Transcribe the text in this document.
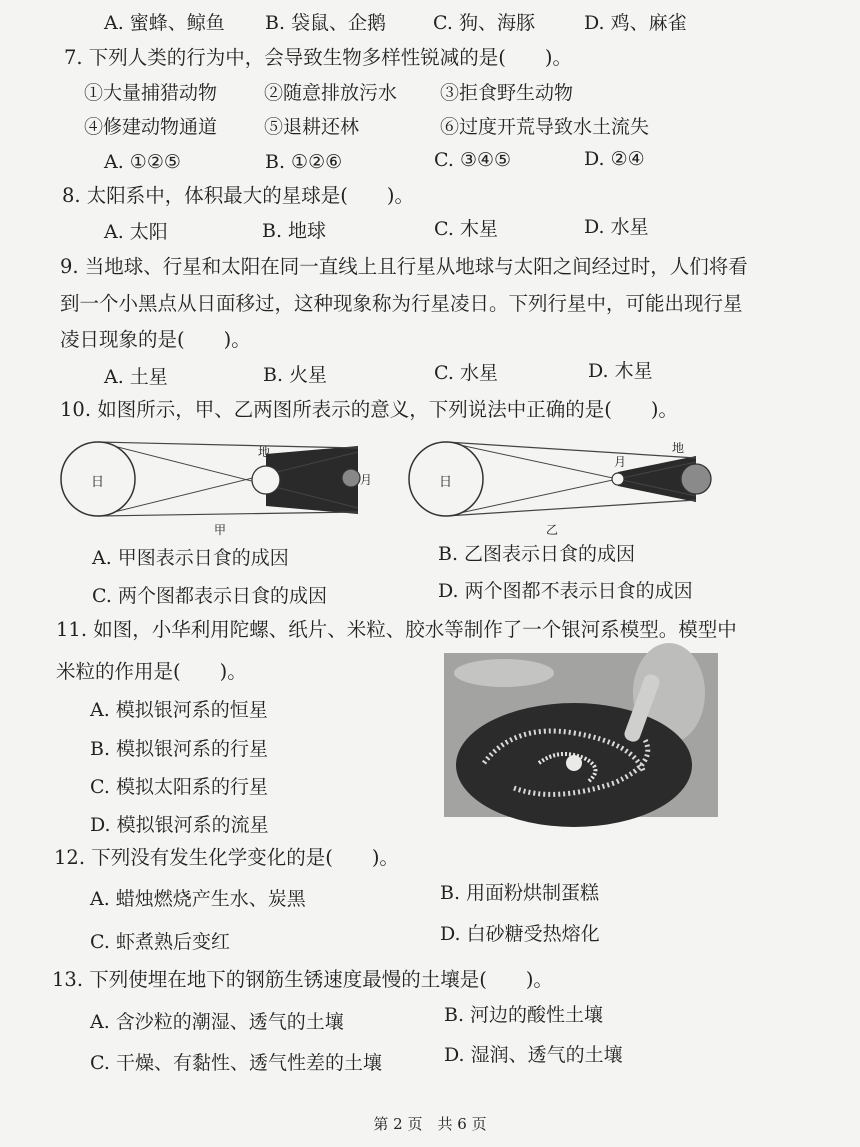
A. 蜜蜂、鲸鱼 B. 袋鼠、企鹅 C. 狗、海豚	D. 鸡、麻雀
7. 下列人类的行为中，会导致生物多样性锐减的是(　　)。
①大量捕猎动物 ②随意排放污水 ③拒食野生动物
④修建动物通道 ⑤退耕还林	⑥过度开荒导致水土流失
A. ①②⑤	B. ①②⑥	C. ③④⑤	D. ②④
8. 太阳系中，体积最大的星球是(　　)。
A. 太阳	B. 地球	C. 木星	D. 水星
9. 当地球、行星和太阳在同一直线上且行星从地球与太阳之间经过时，人们将看
到一个小黑点从日面移过，这种现象称为行星凌日。下列行星中，可能出现行星
凌日现象的是(　　)。
A. 土星	B. 火星	C. 水星	D. 木星
10. 如图所示，甲、乙两图所表示的意义，下列说法中正确的是(　　)。
日
地
月
甲
日
月
地
乙
A. 甲图表示日食的成因	B. 乙图表示日食的成因
C. 两个图都表示日食的成因	D. 两个图都不表示日食的成因
11. 如图，小华利用陀螺、纸片、米粒、胶水等制作了一个银河系模型。模型中
米粒的作用是(　　)。
A. 模拟银河系的恒星
B. 模拟银河系的行星
C. 模拟太阳系的行星
D. 模拟银河系的流星
12. 下列没有发生化学变化的是(　　)。
A. 蜡烛燃烧产生水、炭黑	B. 用面粉烘制蛋糕
C. 虾煮熟后变红	D. 白砂糖受热熔化
13. 下列使埋在地下的钢筋生锈速度最慢的土壤是(　　)。
A. 含沙粒的潮湿、透气的土壤	B. 河边的酸性土壤
C. 干燥、有黏性、透气性差的土壤	D. 湿润、透气的土壤
第 2 页　共 6 页
